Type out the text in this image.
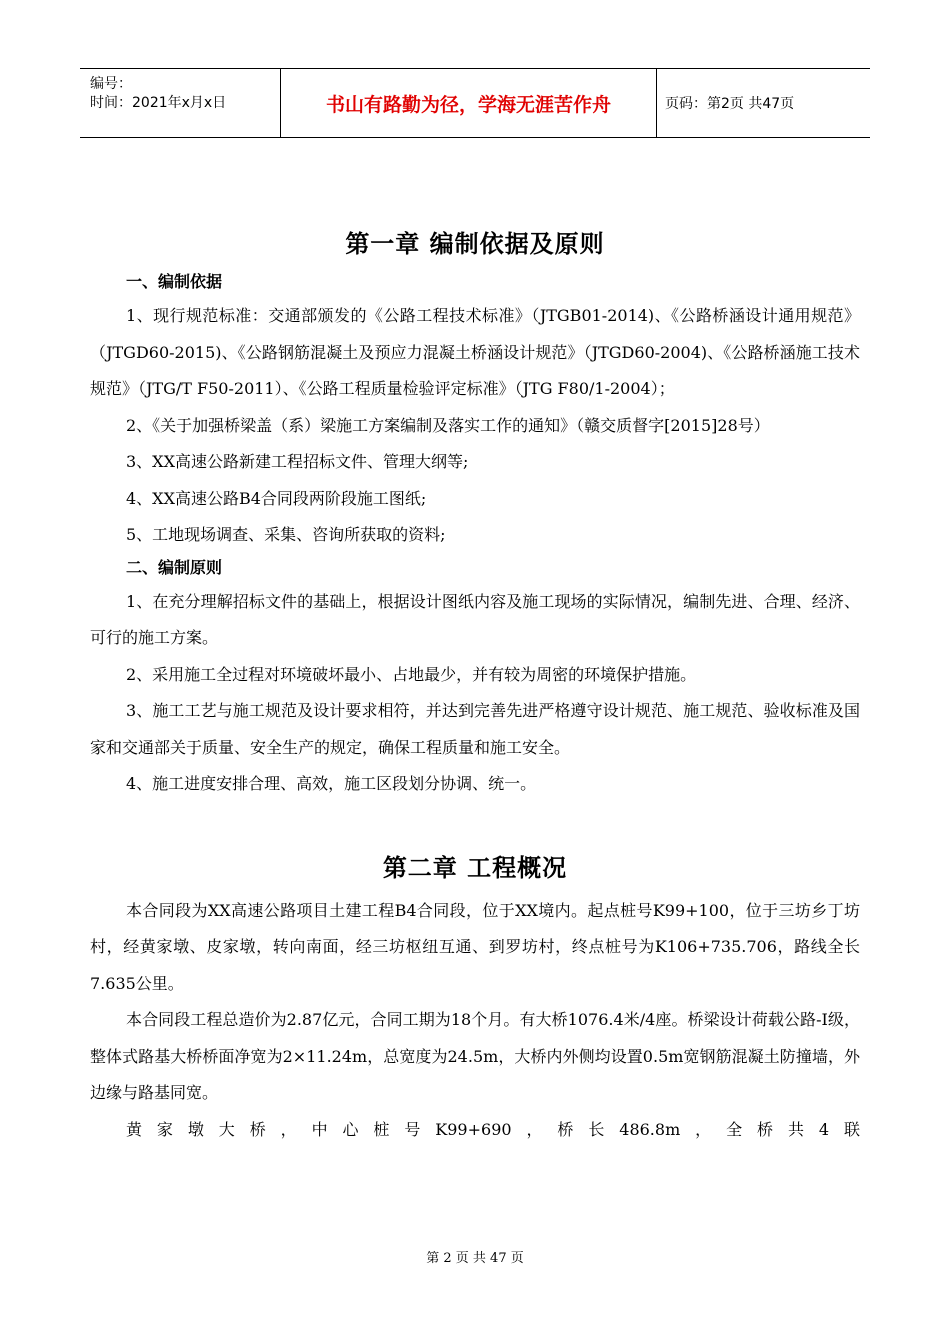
编号：
时间：2021年x月x日	书山有路勤为径，学海无涯苦作舟	页码：第2页 共47页
第一章 编制依据及原则
一、编制依据

1、现行规范标准：交通部颁发的《公路工程技术标准》（JTGB01-2014)、《公路桥涵设计通用规范》（JTGD60-2015)、《公路钢筋混凝土及预应力混凝土桥涵设计规范》（JTGD60-2004)、《公路桥涵施工技术规范》（JTG/T F50-2011）、《公路工程质量检验评定标准》（JTG F80/1-2004）；

2、《关于加强桥梁盖（系）梁施工方案编制及落实工作的通知》（赣交质督字[2015]28号）

3、XX高速公路新建工程招标文件、管理大纲等;

4、XX高速公路B4合同段两阶段施工图纸;

5、工地现场调查、采集、咨询所获取的资料;

二、编制原则

1、在充分理解招标文件的基础上，根据设计图纸内容及施工现场的实际情况，编制先进、合理、经济、可行的施工方案。

2、采用施工全过程对环境破坏最小、占地最少，并有较为周密的环境保护措施。

3、施工工艺与施工规范及设计要求相符，并达到完善先进严格遵守设计规范、施工规范、验收标准及国家和交通部关于质量、安全生产的规定，确保工程质量和施工安全。

4、施工进度安排合理、高效，施工区段划分协调、统一。

第二章 工程概况

本合同段为XX高速公路项目土建工程B4合同段，位于XX境内。起点桩号K99+100，位于三坊乡丁坊村，经黄家墩、皮家墩，转向南面，经三坊枢纽互通、到罗坊村，终点桩号为K106+735.706，路线全长7.635公里。

本合同段工程总造价为2.87亿元，合同工期为18个月。有大桥1076.4米/4座。桥梁设计荷载公路-Ⅰ级，整体式路基大桥桥面净宽为2×11.24m，总宽度为24.5m，大桥内外侧均设置0.5m宽钢筋混凝土防撞墙，外边缘与路基同宽。

黄家墩大桥，中心桩号K99+690，桥长486.8m，全桥共4联

第 2 页 共 47 页
